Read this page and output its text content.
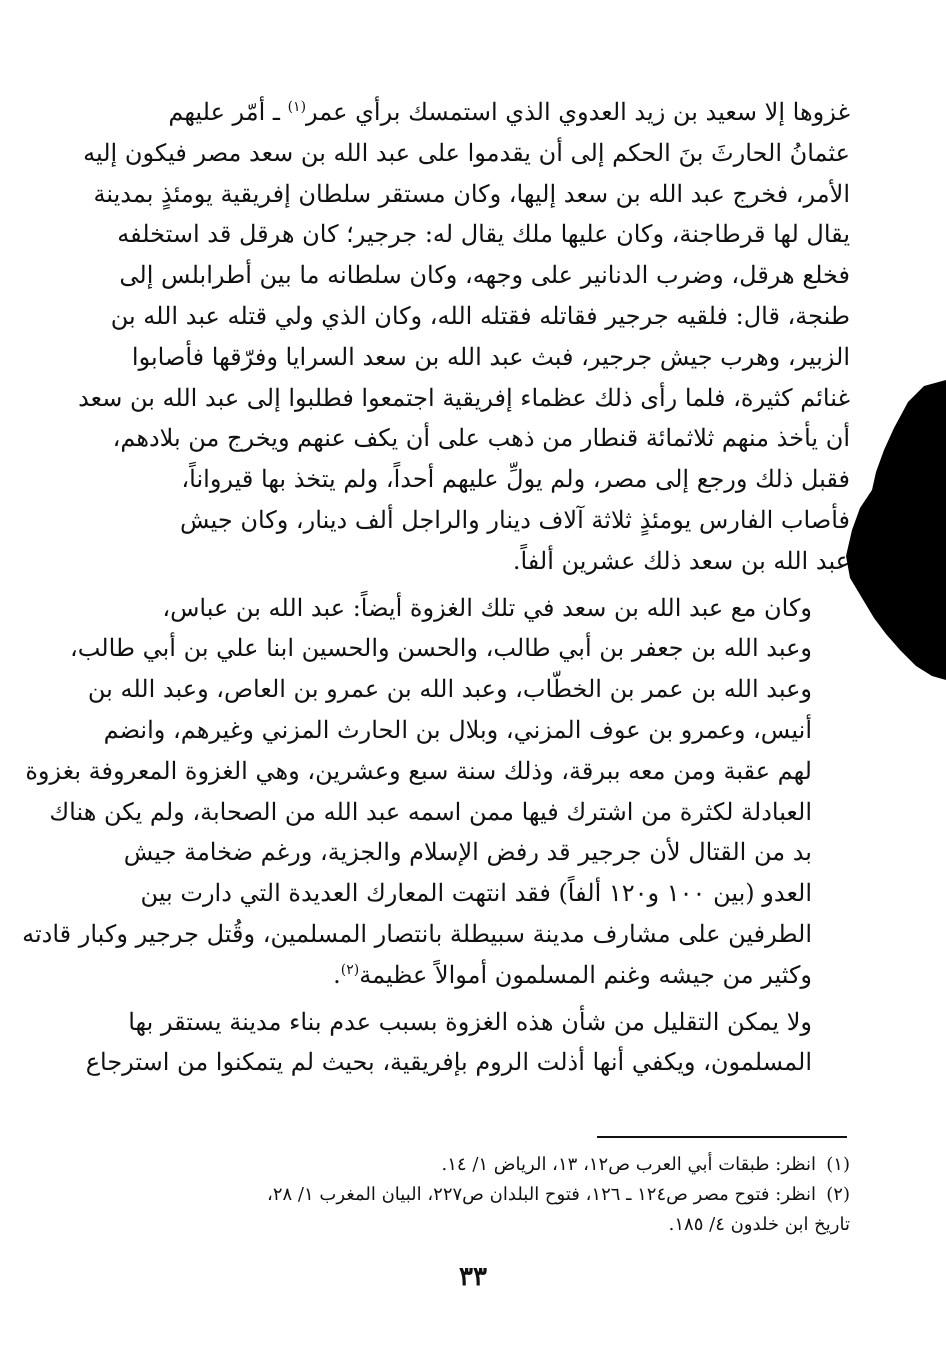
غزوها إلا سعيد بن زيد العدوي الذي استمسك برأي عمر$^{(١)}$ ـ أمّر عليهم
عثمانُ الحارثَ بنَ الحكم إلى أن يقدموا على عبد الله بن سعد مصر فيكون إليه
الأمر، فخرج عبد الله بن سعد إليها، وكان مستقر سلطان إفريقية يومئذٍ بمدينة
يقال لها قرطاجنة، وكان عليها ملك يقال له: جرجير؛ كان هرقل قد استخلفه
فخلع هرقل، وضرب الدنانير على وجهه، وكان سلطانه ما بين أطرابلس إلى
طنجة، قال: فلقيه جرجير فقاتله فقتله الله، وكان الذي ولي قتله عبد الله بن
الزبير، وهرب جيش جرجير، فبث عبد الله بن سعد السرايا وفرّقها فأصابوا
غنائم كثيرة، فلما رأى ذلك عظماء إفريقية اجتمعوا فطلبوا إلى عبد الله بن سعد
أن يأخذ منهم ثلاثمائة قنطار من ذهب على أن يكف عنهم ويخرج من بلادهم،
فقبل ذلك ورجع إلى مصر، ولم يولِّ عليهم أحداً، ولم يتخذ بها قيرواناً،
فأصاب الفارس يومئذٍ ثلاثة آلاف دينار والراجل ألف دينار، وكان جيش
عبد الله بن سعد ذلك عشرين ألفاً.

وكان مع عبد الله بن سعد في تلك الغزوة أيضاً: عبد الله بن عباس،
وعبد الله بن جعفر بن أبي طالب، والحسن والحسين ابنا علي بن أبي طالب،
وعبد الله بن عمر بن الخطّاب، وعبد الله بن عمرو بن العاص، وعبد الله بن
أنيس، وعمرو بن عوف المزني، وبلال بن الحارث المزني وغيرهم، وانضم
لهم عقبة ومن معه ببرقة، وذلك سنة سبع وعشرين، وهي الغزوة المعروفة بغزوة
العبادلة لكثرة من اشترك فيها ممن اسمه عبد الله من الصحابة، ولم يكن هناك
بد من القتال لأن جرجير قد رفض الإسلام والجزية، ورغم ضخامة جيش
العدو (بين ١٠٠ و١٢٠ ألفاً) فقد انتهت المعارك العديدة التي دارت بين
الطرفين على مشارف مدينة سبيطلة بانتصار المسلمين، وقُتل جرجير وكبار قادته
وكثير من جيشه وغنم المسلمون أموالاً عظيمة$^{(٢)}$.

ولا يمكن التقليل من شأن هذه الغزوة بسبب عدم بناء مدينة يستقر بها
المسلمون، ويكفي أنها أذلت الروم بإفريقية، بحيث لم يتمكنوا من استرجاع

(١)انظر: طبقات أبي العرب ص١٢، ١٣، الرياض ١/ ١٤.

(٢)انظر: فتوح مصر ص١٢٤ ـ ١٢٦، فتوح البلدان ص٢٢٧، البيان المغرب ١/ ٢٨،

تاريخ ابن خلدون ٤/ ١٨٥.

٣٣
